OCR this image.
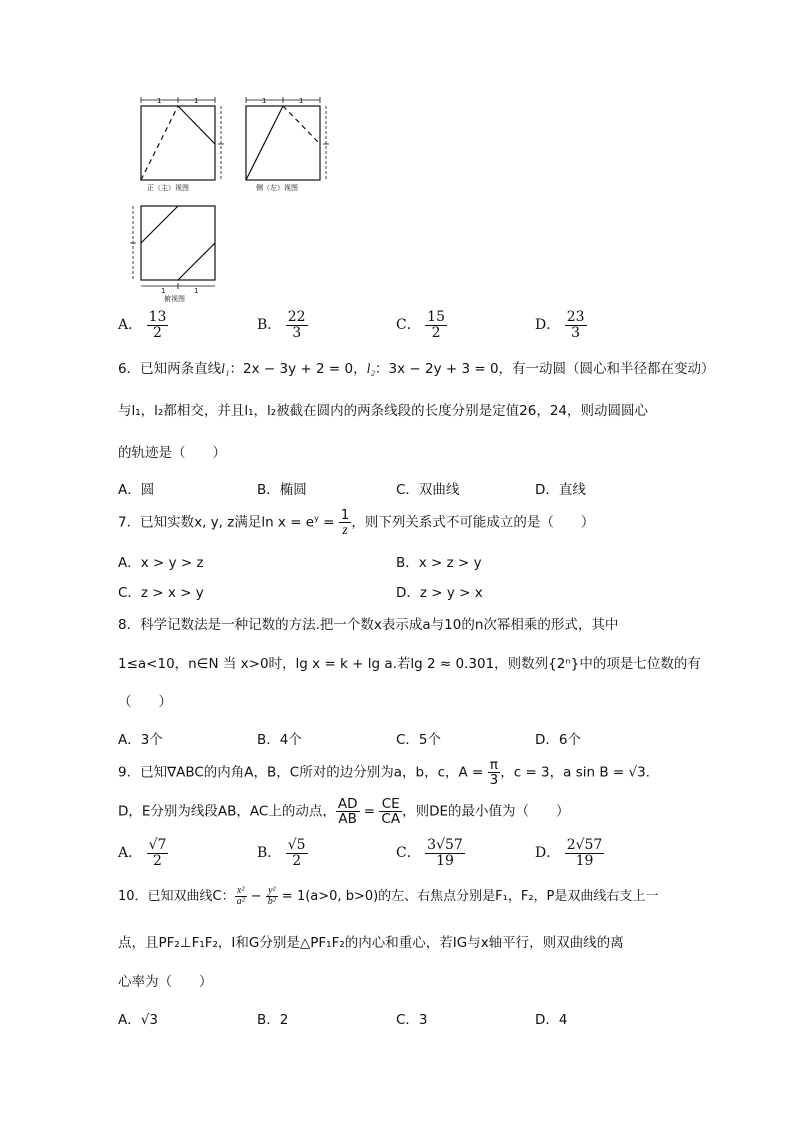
1	1	1	1
1	1
正（主）视图	侧（左）视图
俯视图
A． $\frac{13}{2}$	B． $\frac{22}{3}$	C． $\frac{15}{2}$	D． $\frac{23}{3}$
6．已知两条直线l₁：2x − 3y + 2 = 0，l₂：3x − 2y + 3 = 0，有一动圆（圆心和半径都在变动）
与l₁，l₂都相交，并且l₁，l₂被截在圆内的两条线段的长度分别是定值26，24，则动圆圆心
的轨迹是（　　）
A．圆	B．椭圆	C．双曲线	D．直线
7．已知实数x, y, z满足$\ln x = e^y = \frac{1}{z}$ ，则下列关系式不可能成立的是（　　）
A．x > y > z	B．x > z > y
C．z > x > y	D．z > y > x
8．科学记数法是一种记数的方法.把一个数x表示成a与10的n次幂相乘的形式，其中
1≤a<10，n∈N 当 x>0时，lg x = k + lg a.若lg 2 ≈ 0.301，则数列{2ⁿ}中的项是七位数的有
（　　）
A．3个	B．4个	C．5个	D．6个
9．已知∇ABC的内角A，B，C所对的边分别为a，b，c，$A = \frac{\pi}{3}$ ，c = 3，a sin B = √3.
D，E分别为线段AB，AC上的动点， $\frac{AD}{AB} = \frac{CE}{CA}$ ，则DE的最小值为（　　）
A． $\frac{√7}{2}$	B． $\frac{√5}{2}$	C． $\frac{3√57}{19}$	D． $\frac{2√57}{19}$
10．已知双曲线C： $\frac{\text{x²}}{\text{a²}} - \frac{\text{y²}}{\text{b²}} = 1(a>0$, b>0)的左、右焦点分别是F₁，F₂，P是双曲线右支上一
点，且PF₂⊥F₁F₂，I和G分别是△PF₁F₂的内心和重心，若IG与x轴平行，则双曲线的离
心率为（　　）
A．√3	B．2	C．3	D．4
